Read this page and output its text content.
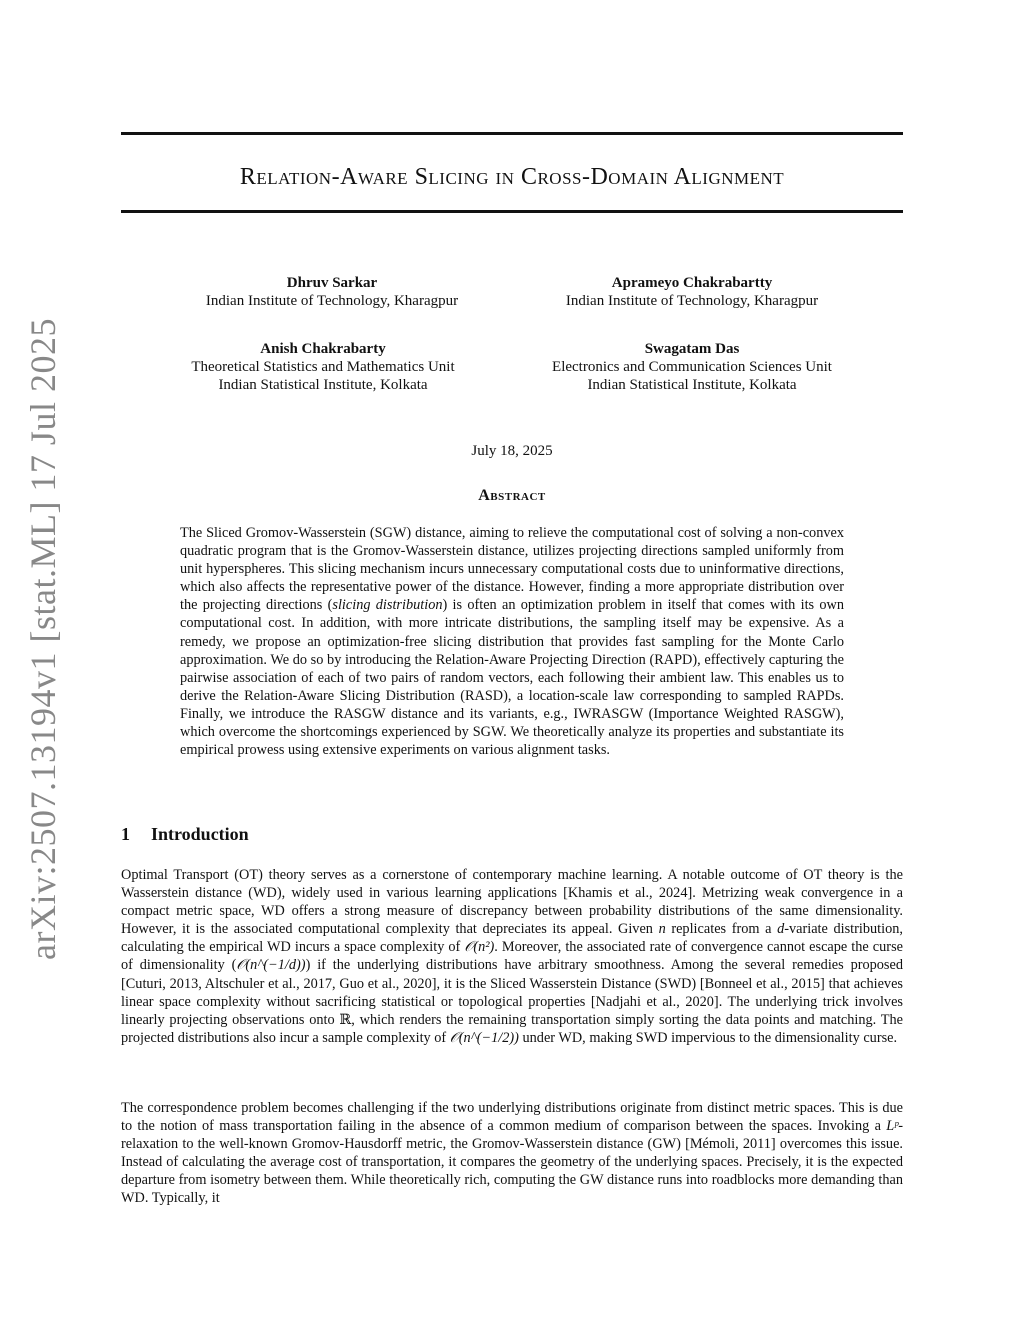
arXiv:2507.13194v1 [stat.ML] 17 Jul 2025
Relation-Aware Slicing in Cross-Domain Alignment
Dhruv Sarkar
Indian Institute of Technology, Kharagpur
Aprameyo Chakrabartty
Indian Institute of Technology, Kharagpur
Anish Chakrabarty
Theoretical Statistics and Mathematics Unit
Indian Statistical Institute, Kolkata
Swagatam Das
Electronics and Communication Sciences Unit
Indian Statistical Institute, Kolkata
July 18, 2025
Abstract

The Sliced Gromov-Wasserstein (SGW) distance, aiming to relieve the computational cost of solving a non-convex quadratic program that is the Gromov-Wasserstein distance, utilizes projecting directions sampled uniformly from unit hyperspheres. This slicing mechanism incurs unnecessary computational costs due to uninformative directions, which also affects the representative power of the distance. However, finding a more appropriate distribution over the projecting directions (slicing distribution) is often an optimization problem in itself that comes with its own computational cost. In addition, with more intricate distributions, the sampling itself may be expensive. As a remedy, we propose an optimization-free slicing distribution that provides fast sampling for the Monte Carlo approximation. We do so by introducing the Relation-Aware Projecting Direction (RAPD), effectively capturing the pairwise association of each of two pairs of random vectors, each following their ambient law. This enables us to derive the Relation-Aware Slicing Distribution (RASD), a location-scale law corresponding to sampled RAPDs. Finally, we introduce the RASGW distance and its variants, e.g., IWRASGW (Importance Weighted RASGW), which overcome the shortcomings experienced by SGW. We theoretically analyze its properties and substantiate its empirical prowess using extensive experiments on various alignment tasks.

1 Introduction

Optimal Transport (OT) theory serves as a cornerstone of contemporary machine learning. A notable outcome of OT theory is the Wasserstein distance (WD), widely used in various learning applications [Khamis et al., 2024]. Metrizing weak convergence in a compact metric space, WD offers a strong measure of discrepancy between probability distributions of the same dimensionality. However, it is the associated computational complexity that depreciates its appeal. Given n replicates from a d-variate distribution, calculating the empirical WD incurs a space complexity of 𝒪(n²). Moreover, the associated rate of convergence cannot escape the curse of dimensionality (𝒪(n^(−1/d))) if the underlying distributions have arbitrary smoothness. Among the several remedies proposed [Cuturi, 2013, Altschuler et al., 2017, Guo et al., 2020], it is the Sliced Wasserstein Distance (SWD) [Bonneel et al., 2015] that achieves linear space complexity without sacrificing statistical or topological properties [Nadjahi et al., 2020]. The underlying trick involves linearly projecting observations onto ℝ, which renders the remaining transportation simply sorting the data points and matching. The projected distributions also incur a sample complexity of 𝒪(n^(−1/2)) under WD, making SWD impervious to the dimensionality curse.

The correspondence problem becomes challenging if the two underlying distributions originate from distinct metric spaces. This is due to the notion of mass transportation failing in the absence of a common medium of comparison between the spaces. Invoking a Lᵖ-relaxation to the well-known Gromov-Hausdorff metric, the Gromov-Wasserstein distance (GW) [Mémoli, 2011] overcomes this issue. Instead of calculating the average cost of transportation, it compares the geometry of the underlying spaces. Precisely, it is the expected departure from isometry between them. While theoretically rich, computing the GW distance runs into roadblocks more demanding than WD. Typically, it
